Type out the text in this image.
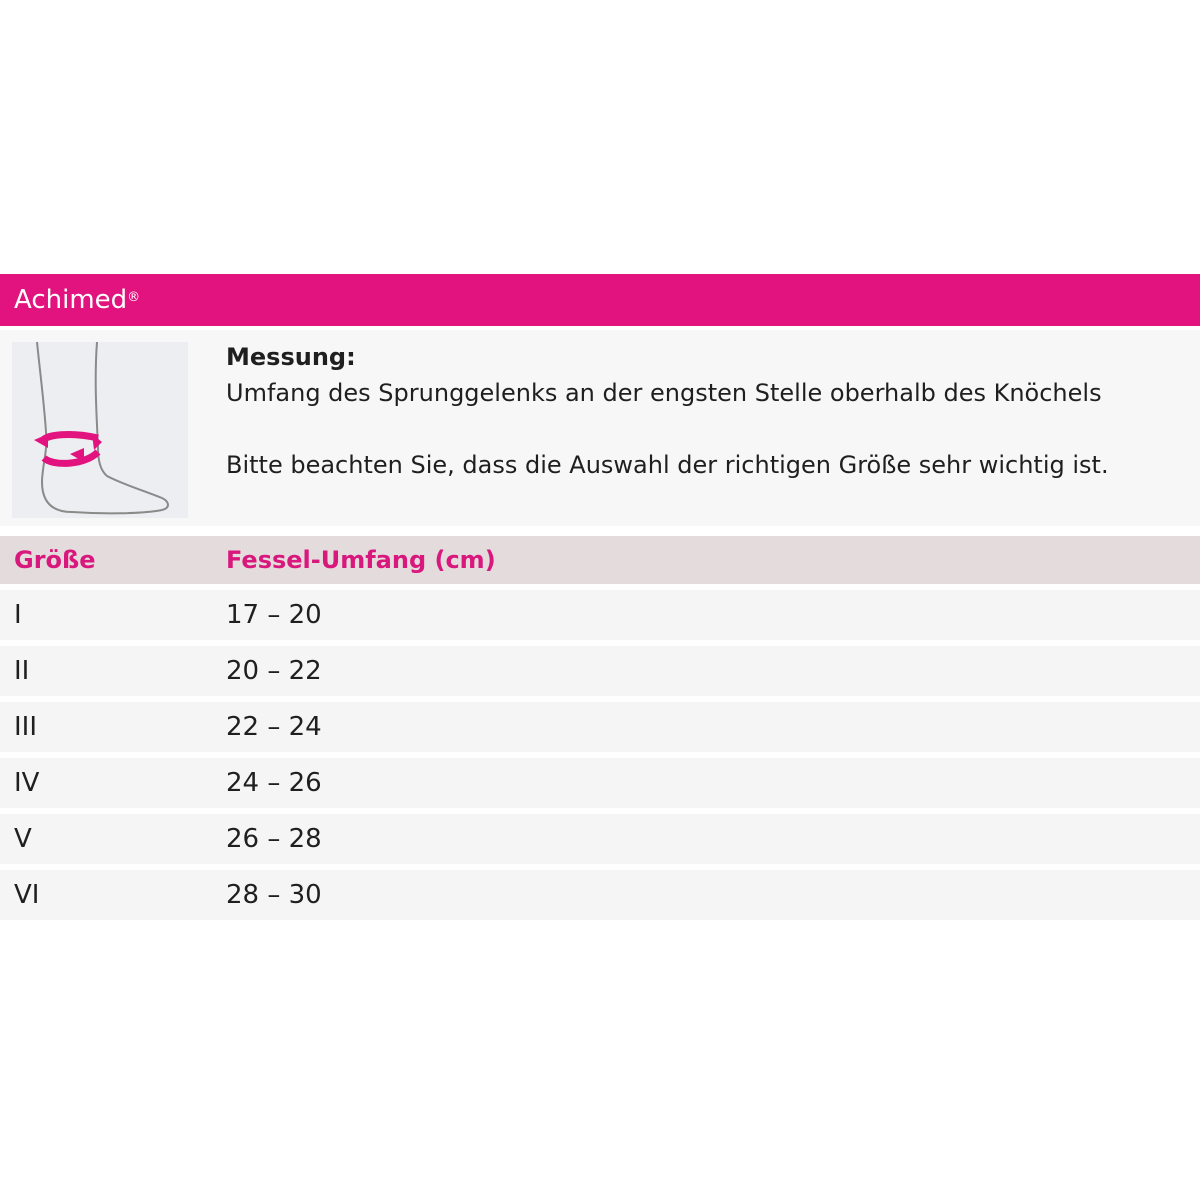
Achimed®
Messung:
Umfang des Sprunggelenks an der engsten Stelle oberhalb des Knöchels
Bitte beachten Sie, dass die Auswahl der richtigen Größe sehr wichtig ist.
Größe	Fessel-Umfang (cm)
I	17 – 20
II	20 – 22
III	22 – 24
IV	24 – 26
V	26 – 28
VI	28 – 30
